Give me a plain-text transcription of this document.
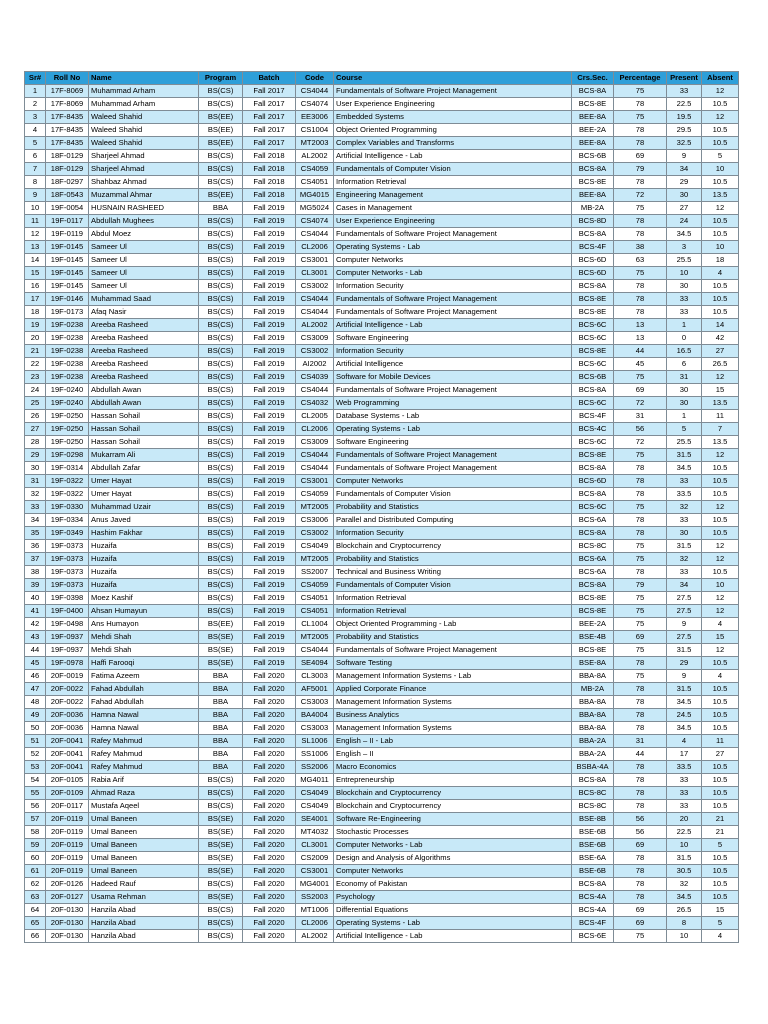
Sr#	Roll No	Name	Program	Batch	Code	Course	Crs.Sec.	Percentage	Present	Absent
1	17F-8069	Muhammad Arham	BS(CS)	Fall 2017	CS4044	Fundamentals of Software Project Management	BCS-8A	75	33	12
2	17F-8069	Muhammad Arham	BS(CS)	Fall 2017	CS4074	User Experience Engineering	BCS-8E	78	22.5	10.5
3	17F-8435	Waleed Shahid	BS(EE)	Fall 2017	EE3006	Embedded Systems	BEE-8A	75	19.5	12
4	17F-8435	Waleed Shahid	BS(EE)	Fall 2017	CS1004	Object Oriented Programming	BEE-2A	78	29.5	10.5
5	17F-8435	Waleed Shahid	BS(EE)	Fall 2017	MT2003	Complex Variables and Transforms	BEE-8A	78	32.5	10.5
6	18F-0129	Sharjeel Ahmad	BS(CS)	Fall 2018	AL2002	Artificial Intelligence - Lab	BCS-6B	69	9	5
7	18F-0129	Sharjeel Ahmad	BS(CS)	Fall 2018	CS4059	Fundamentals of Computer Vision	BCS-8A	79	34	10
8	18F-0297	Shahbaz Ahmad	BS(CS)	Fall 2018	CS4051	Information Retrieval	BCS-8E	78	29	10.5
9	18F-0543	Muzammal Ahmar	BS(EE)	Fall 2018	MG4015	Engineering Management	BEE-8A	72	30	13.5
10	19F-0054	HUSNAIN RASHEED	BBA	Fall 2019	MG5024	Cases in Management	MB-2A	75	27	12
11	19F-0117	Abdullah Mughees	BS(CS)	Fall 2019	CS4074	User Experience Engineering	BCS-8D	78	24	10.5
12	19F-0119	Abdul Moez	BS(CS)	Fall 2019	CS4044	Fundamentals of Software Project Management	BCS-8A	78	34.5	10.5
13	19F-0145	Sameer Ul	BS(CS)	Fall 2019	CL2006	Operating Systems - Lab	BCS-4F	38	3	10
14	19F-0145	Sameer Ul	BS(CS)	Fall 2019	CS3001	Computer Networks	BCS-6D	63	25.5	18
15	19F-0145	Sameer Ul	BS(CS)	Fall 2019	CL3001	Computer Networks - Lab	BCS-6D	75	10	4
16	19F-0145	Sameer Ul	BS(CS)	Fall 2019	CS3002	Information Security	BCS-8A	78	30	10.5
17	19F-0146	Muhammad Saad	BS(CS)	Fall 2019	CS4044	Fundamentals of Software Project Management	BCS-8E	78	33	10.5
18	19F-0173	Afaq Nasir	BS(CS)	Fall 2019	CS4044	Fundamentals of Software Project Management	BCS-8E	78	33	10.5
19	19F-0238	Areeba Rasheed	BS(CS)	Fall 2019	AL2002	Artificial Intelligence - Lab	BCS-6C	13	1	14
20	19F-0238	Areeba Rasheed	BS(CS)	Fall 2019	CS3009	Software Engineering	BCS-6C	13	0	42
21	19F-0238	Areeba Rasheed	BS(CS)	Fall 2019	CS3002	Information Security	BCS-8E	44	16.5	27
22	19F-0238	Areeba Rasheed	BS(CS)	Fall 2019	AI2002	Artificial Intelligence	BCS-6C	45	6	26.5
23	19F-0238	Areeba Rasheed	BS(CS)	Fall 2019	CS4039	Software for Mobile Devices	BCS-6B	75	31	12
24	19F-0240	Abdullah Awan	BS(CS)	Fall 2019	CS4044	Fundamentals of Software Project Management	BCS-8A	69	30	15
25	19F-0240	Abdullah Awan	BS(CS)	Fall 2019	CS4032	Web Programming	BCS-6C	72	30	13.5
26	19F-0250	Hassan Sohail	BS(CS)	Fall 2019	CL2005	Database Systems - Lab	BCS-4F	31	1	11
27	19F-0250	Hassan Sohail	BS(CS)	Fall 2019	CL2006	Operating Systems - Lab	BCS-4C	56	5	7
28	19F-0250	Hassan Sohail	BS(CS)	Fall 2019	CS3009	Software Engineering	BCS-6C	72	25.5	13.5
29	19F-0298	Mukarram Ali	BS(CS)	Fall 2019	CS4044	Fundamentals of Software Project Management	BCS-8E	75	31.5	12
30	19F-0314	Abdullah Zafar	BS(CS)	Fall 2019	CS4044	Fundamentals of Software Project Management	BCS-8A	78	34.5	10.5
31	19F-0322	Umer Hayat	BS(CS)	Fall 2019	CS3001	Computer Networks	BCS-6D	78	33	10.5
32	19F-0322	Umer Hayat	BS(CS)	Fall 2019	CS4059	Fundamentals of Computer Vision	BCS-8A	78	33.5	10.5
33	19F-0330	Muhammad Uzair	BS(CS)	Fall 2019	MT2005	Probability and Statistics	BCS-6C	75	32	12
34	19F-0334	Anus Javed	BS(CS)	Fall 2019	CS3006	Parallel and Distributed Computing	BCS-6A	78	33	10.5
35	19F-0349	Hashim Fakhar	BS(CS)	Fall 2019	CS3002	Information Security	BCS-8A	78	30	10.5
36	19F-0373	Huzaifa	BS(CS)	Fall 2019	CS4049	Blockchain and Cryptocurrency	BCS-8C	75	31.5	12
37	19F-0373	Huzaifa	BS(CS)	Fall 2019	MT2005	Probability and Statistics	BCS-6A	75	32	12
38	19F-0373	Huzaifa	BS(CS)	Fall 2019	SS2007	Technical and Business Writing	BCS-6A	78	33	10.5
39	19F-0373	Huzaifa	BS(CS)	Fall 2019	CS4059	Fundamentals of Computer Vision	BCS-8A	79	34	10
40	19F-0398	Moez Kashif	BS(CS)	Fall 2019	CS4051	Information Retrieval	BCS-8E	75	27.5	12
41	19F-0400	Ahsan Humayun	BS(CS)	Fall 2019	CS4051	Information Retrieval	BCS-8E	75	27.5	12
42	19F-0498	Ans Humayon	BS(EE)	Fall 2019	CL1004	Object Oriented Programming - Lab	BEE-2A	75	9	4
43	19F-0937	Mehdi Shah	BS(SE)	Fall 2019	MT2005	Probability and Statistics	BSE-4B	69	27.5	15
44	19F-0937	Mehdi Shah	BS(SE)	Fall 2019	CS4044	Fundamentals of Software Project Management	BCS-8E	75	31.5	12
45	19F-0978	Haffi Farooqi	BS(SE)	Fall 2019	SE4094	Software Testing	BSE-8A	78	29	10.5
46	20F-0019	Fatima Azeem	BBA	Fall 2020	CL3003	Management Information Systems - Lab	BBA-8A	75	9	4
47	20F-0022	Fahad Abdullah	BBA	Fall 2020	AF5001	Applied Corporate Finance	MB-2A	78	31.5	10.5
48	20F-0022	Fahad Abdullah	BBA	Fall 2020	CS3003	Management Information Systems	BBA-8A	78	34.5	10.5
49	20F-0036	Hamna Nawal	BBA	Fall 2020	BA4004	Business Analytics	BBA-8A	78	24.5	10.5
50	20F-0036	Hamna Nawal	BBA	Fall 2020	CS3003	Management Information Systems	BBA-8A	78	34.5	10.5
51	20F-0041	Rafey Mahmud	BBA	Fall 2020	SL1006	English – II - Lab	BBA-2A	31	4	11
52	20F-0041	Rafey Mahmud	BBA	Fall 2020	SS1006	English – II	BBA-2A	44	17	27
53	20F-0041	Rafey Mahmud	BBA	Fall 2020	SS2006	Macro Economics	BSBA-4A	78	33.5	10.5
54	20F-0105	Rabia Arif	BS(CS)	Fall 2020	MG4011	Entrepreneurship	BCS-8A	78	33	10.5
55	20F-0109	Ahmad Raza	BS(CS)	Fall 2020	CS4049	Blockchain and Cryptocurrency	BCS-8C	78	33	10.5
56	20F-0117	Mustafa Aqeel	BS(CS)	Fall 2020	CS4049	Blockchain and Cryptocurrency	BCS-8C	78	33	10.5
57	20F-0119	Umal Baneen	BS(SE)	Fall 2020	SE4001	Software Re-Engineering	BSE-8B	56	20	21
58	20F-0119	Umal Baneen	BS(SE)	Fall 2020	MT4032	Stochastic Processes	BSE-6B	56	22.5	21
59	20F-0119	Umal Baneen	BS(SE)	Fall 2020	CL3001	Computer Networks - Lab	BSE-6B	69	10	5
60	20F-0119	Umal Baneen	BS(SE)	Fall 2020	CS2009	Design and Analysis of Algorithms	BSE-6A	78	31.5	10.5
61	20F-0119	Umal Baneen	BS(SE)	Fall 2020	CS3001	Computer Networks	BSE-6B	78	30.5	10.5
62	20F-0126	Hadeed Rauf	BS(CS)	Fall 2020	MG4001	Economy of Pakistan	BCS-8A	78	32	10.5
63	20F-0127	Usama Rehman	BS(SE)	Fall 2020	SS2003	Psychology	BCS-4A	78	34.5	10.5
64	20F-0130	Hanzila Abad	BS(CS)	Fall 2020	MT1006	Differential Equations	BCS-4A	69	26.5	15
65	20F-0130	Hanzila Abad	BS(CS)	Fall 2020	CL2006	Operating Systems - Lab	BCS-4F	69	8	5
66	20F-0130	Hanzila Abad	BS(CS)	Fall 2020	AL2002	Artificial Intelligence - Lab	BCS-6E	75	10	4
